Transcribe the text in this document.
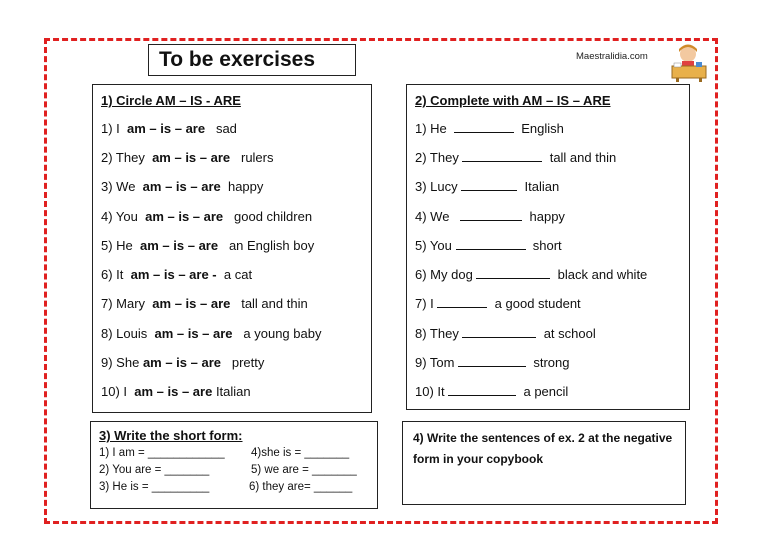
To be exercises	Maestralidia.com
1) Circle AM – IS - ARE
1) I am – is – are sad
2) They am – is – are rulers
3) We am – is – are happy
4) You am – is – are good children
5) He am – is – are an English boy
6) It am – is – are - a cat
7) Mary am – is – are tall and thin
8) Louis am – is – are a young baby
9) She am – is – are pretty
10) I am – is – are Italian
2) Complete with AM – IS – ARE
1) He	English
2) They	tall and thin
3) Lucy	Italian
4) We	happy
5) You	short
6) My dog	black and white
7) I	a good student
8) They	at school
9) Tom	strong
10) It	a pencil
3) Write the short form:
1) I am = ____________ 4)she is = _______
2) You are = _______	5) we are = _______
3) He is = _________	6) they are= ______
4) Write the sentences of ex. 2 at the negative form in your copybook
